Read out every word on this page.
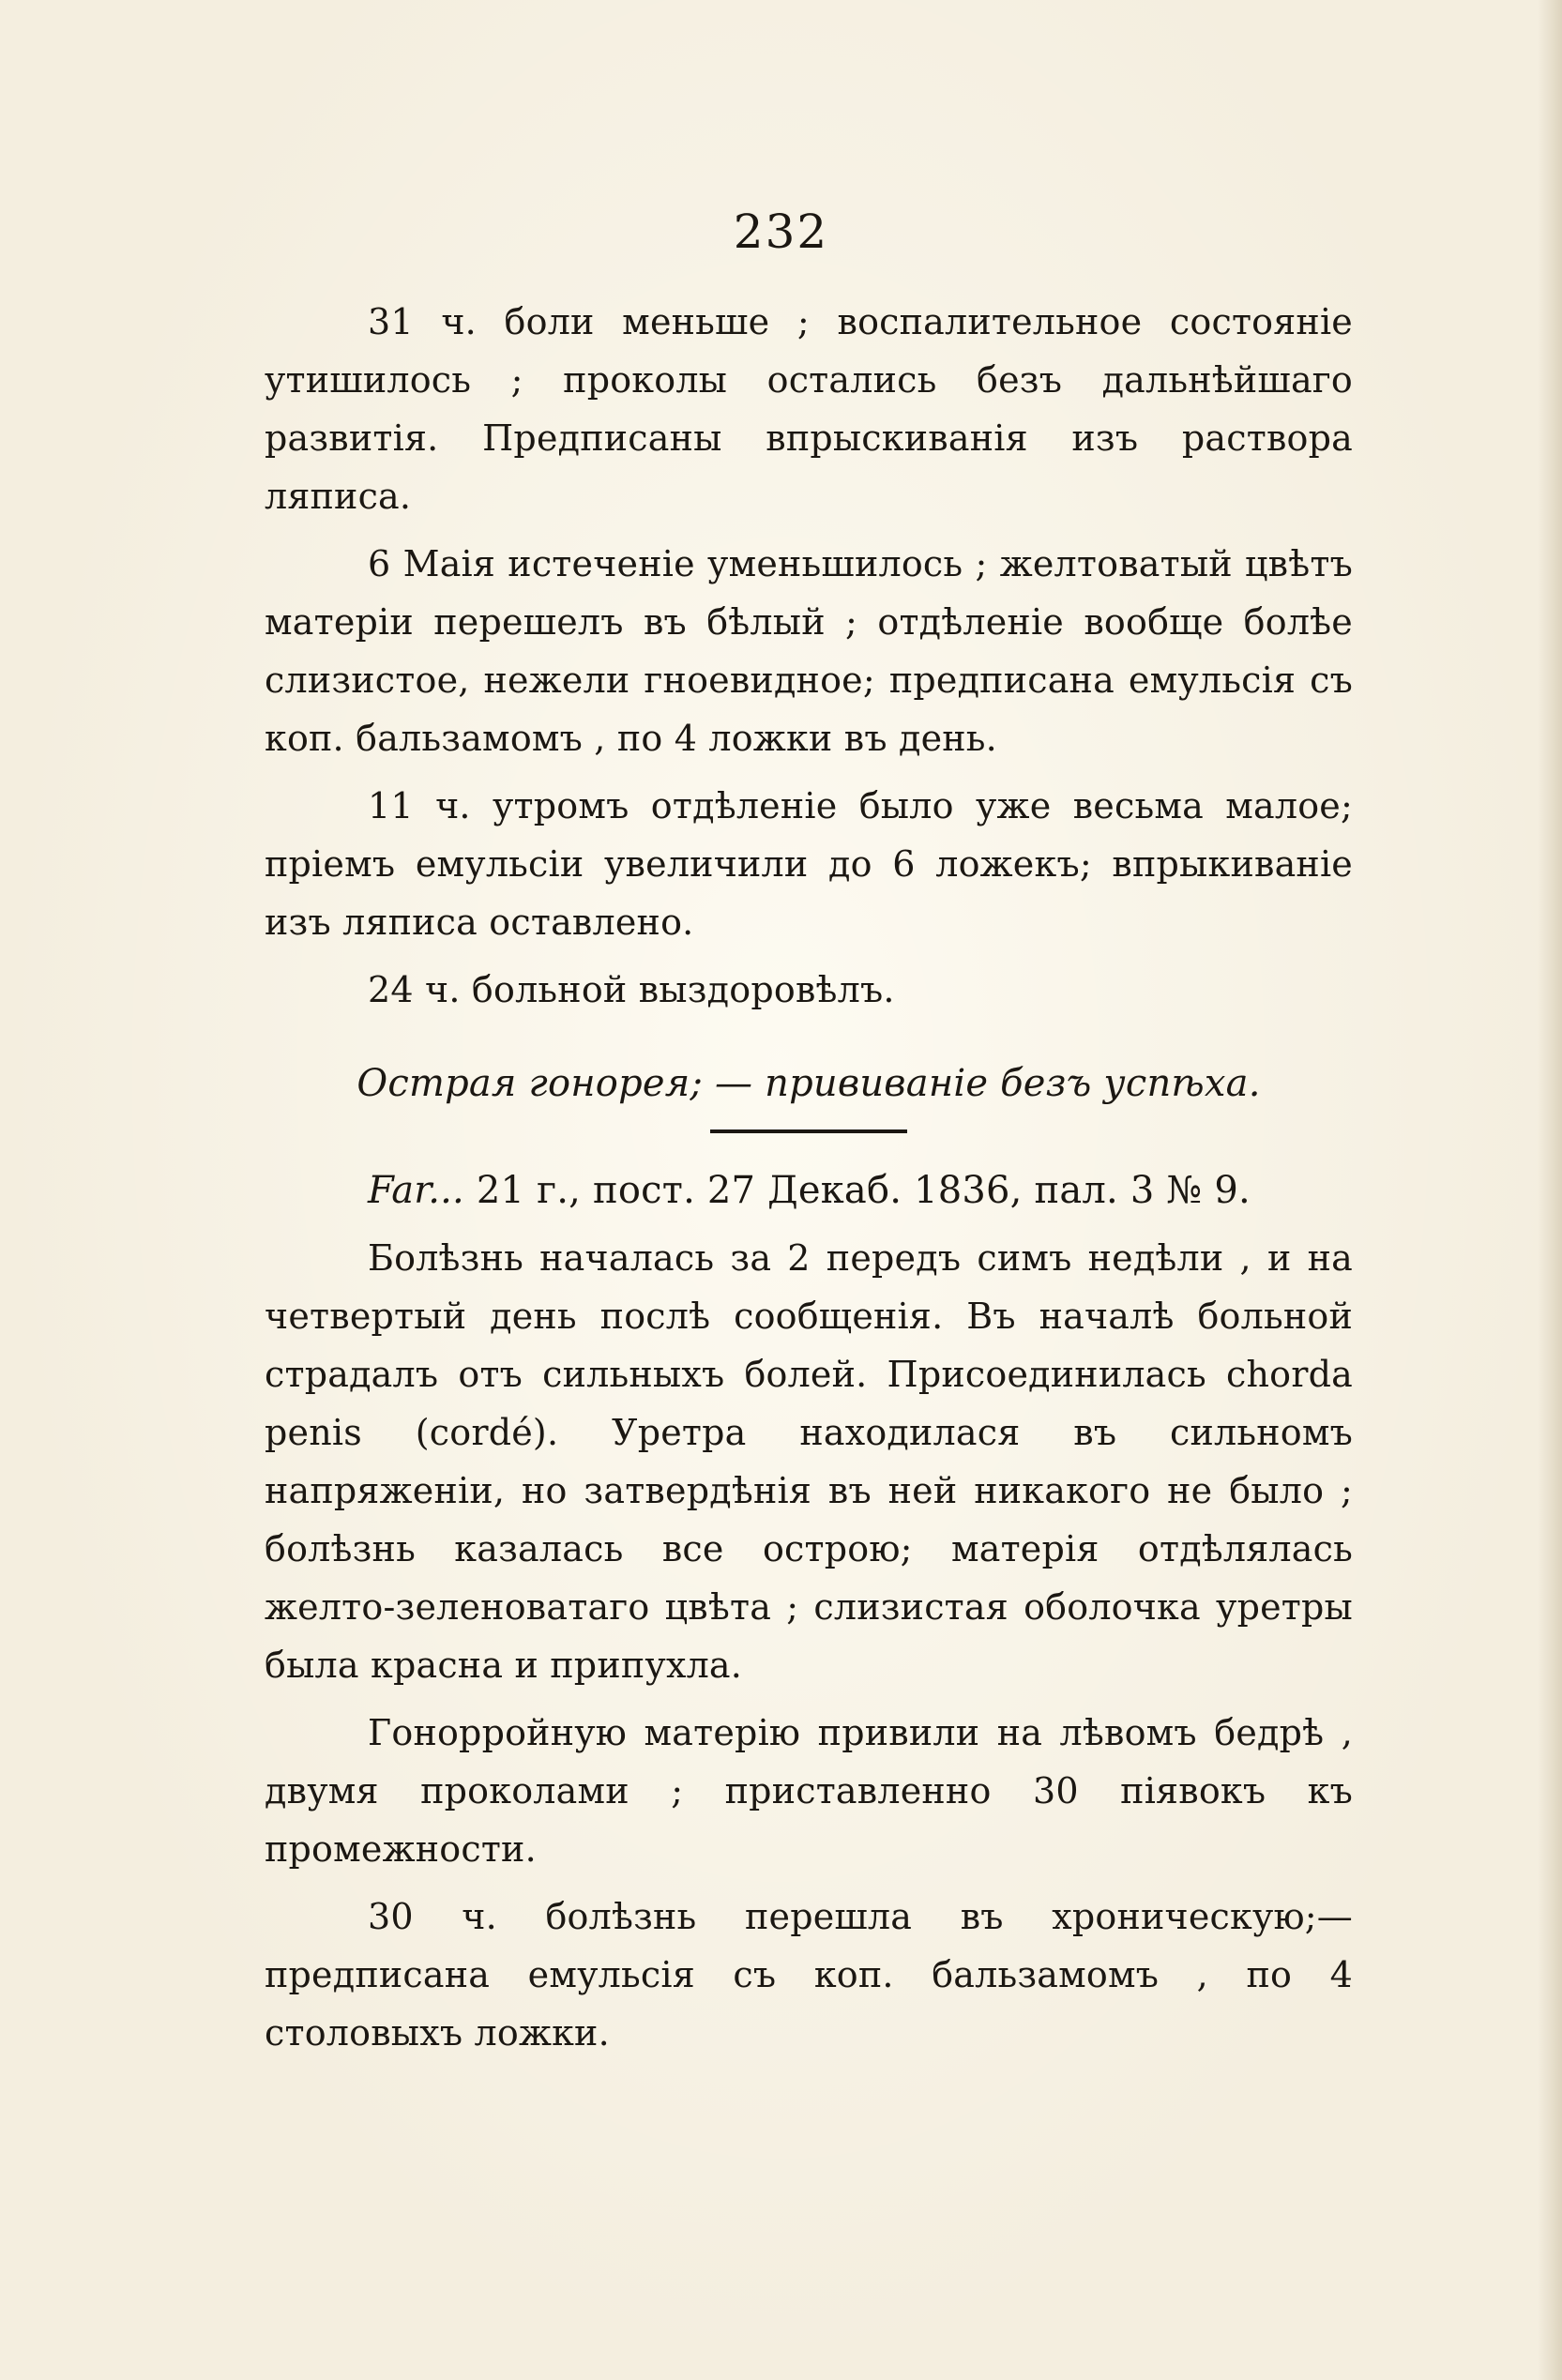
232

31 ч. боли меньше ; воспалительное состояніе утишилось ; проколы остались безъ дальнѣйшаго развитія. Предписаны впрыскиванія изъ раствора ляписа.

6 Маія истеченіе уменьшилось ; желтоватый цвѣтъ матеріи перешелъ въ бѣлый ; отдѣленіе вообще болѣе слизистое, нежели гноевидное; предписана емульсія съ коп. бальзамомъ , по 4 ложки въ день.

11 ч. утромъ отдѣленіе было уже весьма малое; пріемъ емульсіи увеличили до 6 ложекъ; впрыкиваніе изъ ляписа оставлено.

24 ч. больной выздоровѣлъ.

Острая гонорея; — прививаніе безъ успѣха.

Far... 21 г., пост. 27 Декаб. 1836, пал. 3 № 9.

Болѣзнь началась за 2 передъ симъ недѣли , и на четвертый день послѣ сообщенія. Въ началѣ больной страдалъ отъ сильныхъ болей. Присоединилась chorda penis (cordé). Уретра находилася въ сильномъ напряженіи, но затвердѣнія въ ней никакого не было ; болѣзнь казалась все острою; матерія отдѣлялась желто-зеленоватаго цвѣта ; слизистая оболочка уретры была красна и припухла.

Гонорройную матерію привили на лѣвомъ бедрѣ , двумя проколами ; приставленно 30 піявокъ къ промежности.

30 ч. болѣзнь перешла въ хроническую;—предписана емульсія съ коп. бальзамомъ , по 4 столовыхъ ложки.
